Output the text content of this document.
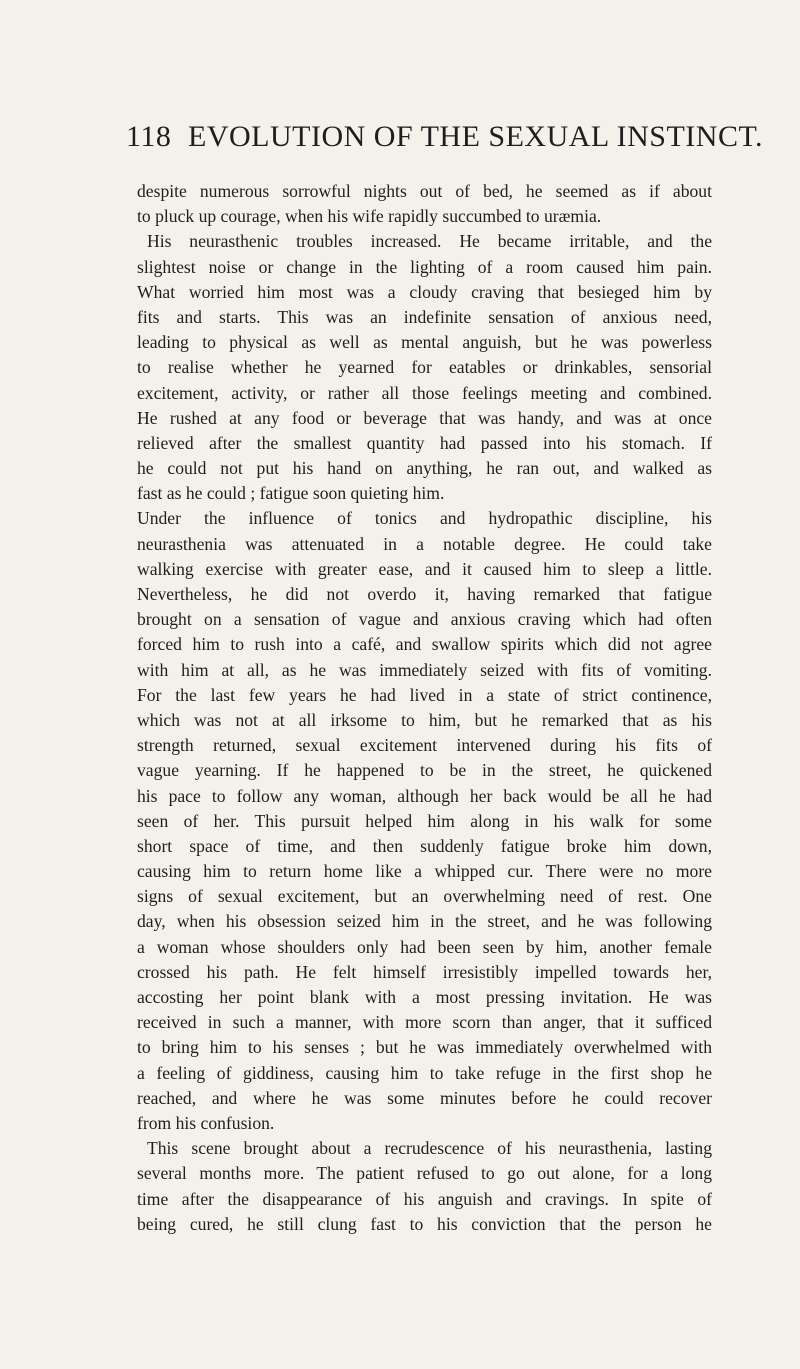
118 EVOLUTION OF THE SEXUAL INSTINCT.
despite numerous sorrowful nights out of bed, he seemed as if about
to pluck up courage, when his wife rapidly succumbed to uræmia.
His neurasthenic troubles increased. He became irritable, and the
slightest noise or change in the lighting of a room caused him pain.
What worried him most was a cloudy craving that besieged him by
fits and starts. This was an indefinite sensation of anxious need,
leading to physical as well as mental anguish, but he was powerless
to realise whether he yearned for eatables or drinkables, sensorial
excitement, activity, or rather all those feelings meeting and combined.
He rushed at any food or beverage that was handy, and was at once
relieved after the smallest quantity had passed into his stomach. If
he could not put his hand on anything, he ran out, and walked as
fast as he could ; fatigue soon quieting him.
Under the influence of tonics and hydropathic discipline, his
neurasthenia was attenuated in a notable degree. He could take
walking exercise with greater ease, and it caused him to sleep a little.
Nevertheless, he did not overdo it, having remarked that fatigue
brought on a sensation of vague and anxious craving which had often
forced him to rush into a café, and swallow spirits which did not agree
with him at all, as he was immediately seized with fits of vomiting.
For the last few years he had lived in a state of strict continence,
which was not at all irksome to him, but he remarked that as his
strength returned, sexual excitement intervened during his fits of
vague yearning. If he happened to be in the street, he quickened
his pace to follow any woman, although her back would be all he had
seen of her. This pursuit helped him along in his walk for some
short space of time, and then suddenly fatigue broke him down,
causing him to return home like a whipped cur. There were no more
signs of sexual excitement, but an overwhelming need of rest. One
day, when his obsession seized him in the street, and he was following
a woman whose shoulders only had been seen by him, another female
crossed his path. He felt himself irresistibly impelled towards her,
accosting her point blank with a most pressing invitation. He was
received in such a manner, with more scorn than anger, that it sufficed
to bring him to his senses ; but he was immediately overwhelmed with
a feeling of giddiness, causing him to take refuge in the first shop he
reached, and where he was some minutes before he could recover
from his confusion.
This scene brought about a recrudescence of his neurasthenia, lasting
several months more. The patient refused to go out alone, for a long
time after the disappearance of his anguish and cravings. In spite of
being cured, he still clung fast to his conviction that the person he
